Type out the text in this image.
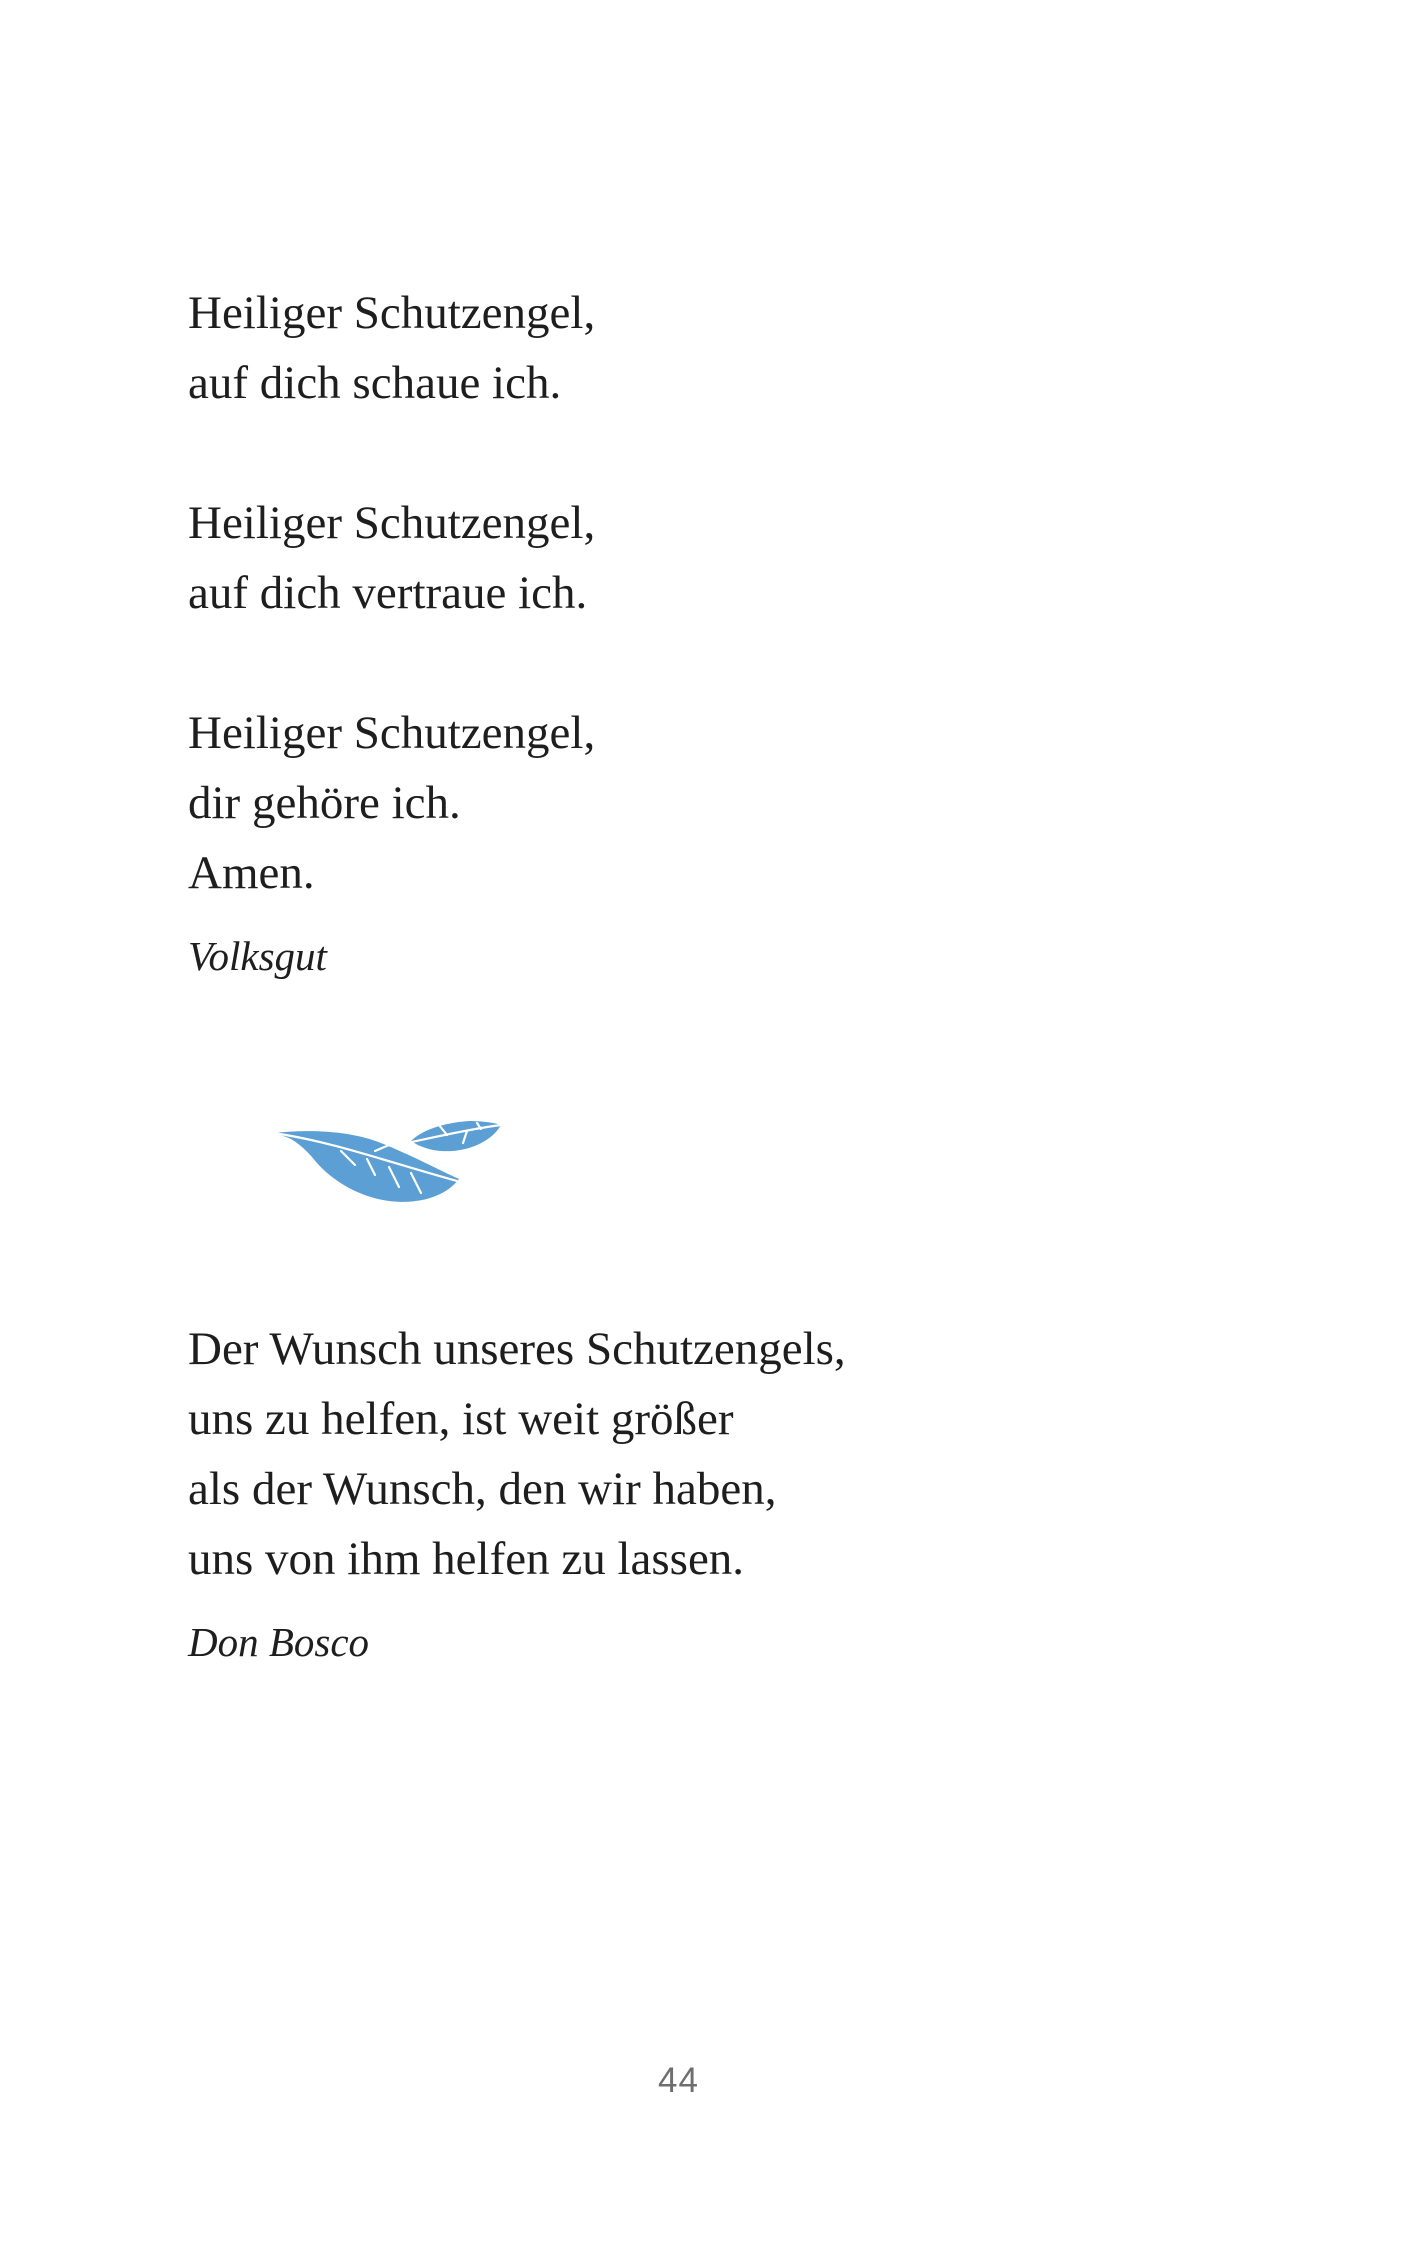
Heiliger Schutzengel,
auf dich schaue ich.
Heiliger Schutzengel,
auf dich vertraue ich.
Heiliger Schutzengel,
dir gehöre ich.
Amen.
Volksgut
Der Wunsch unseres Schutzengels,
uns zu helfen, ist weit größer
als der Wunsch, den wir haben,
uns von ihm helfen zu lassen.
Don Bosco
44
